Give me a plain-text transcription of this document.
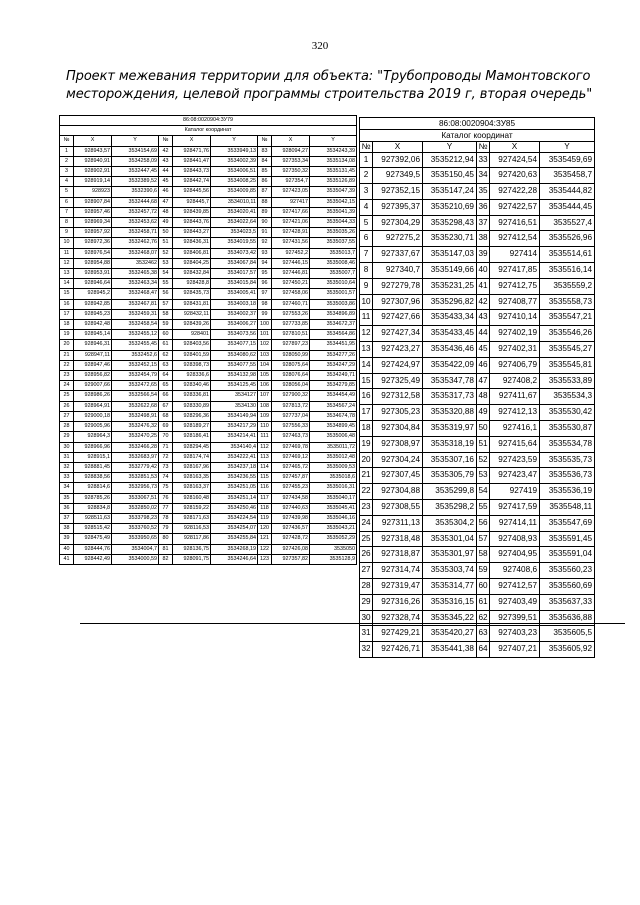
320
Проект межевания территории для объекта: "Трубопроводы Мамонтовского
месторождения, целевой программы строительства 2019 г, вторая очередь"
86:08:0020904:ЗУ79								
Каталог координат								
№	X	Y	№	X	Y	№	X	Y
1	928943,57	3534154,69	42	928471,76	3533949,13	83	928094,27	3534243,39
2	928940,91	3534258,09	43	928441,47	3534002,39	84	927353,34	3535134,08
3	928902,91	3532447,45	44	928443,73	3534006,51	85	927350,32	3535131,45
4	928919,14	3532389,52	45	928442,74	3534008,25	86	927354,7	3535126,89
5	928923	3532390,6	46	928445,56	3534009,85	87	927423,05	3535047,39
6	928907,84	3532444,68	47	928445,7	3534010,11	88	927417	3535042,15
7	928957,46	3532457,72	48	928439,85	3534020,41	89	927417,66	3535041,39
8	928969,34	3532453,62	49	928443,76	3534022,64	90	927421,06	3535044,33
9	928957,92	3532458,71	50	928443,27	3534023,5	91	927428,91	3535035,26
10	928972,36	3532462,76	51	928436,31	3534019,55	92	927431,56	3535037,55
11	928976,54	3532468,07	52	928406,81	3534073,42	93	927452,2	3535013,7
12	928954,88	3532462	53	928404,25	3534067,84	94	927446,15	3535008,46
13	928953,91	3532465,38	54	928432,84	3534017,57	95	927446,81	3535007,7
14	928946,64	3532463,34	55	928428,8	3534015,84	96	927450,21	3535010,64
15	928945,2	3532468,47	56	928435,73	3534005,41	97	927458,06	3535001,57
16	928942,85	3532467,81	57	928431,81	3534003,18	98	927460,71	3535003,86
17	928945,23	3532459,31	58	928432,11	3534002,37	99	927553,26	3534896,89
18	928942,48	3532458,54	59	928439,26	3534006,27	100	927733,85	3534672,37
19	928945,14	3532455,12	60	928401	3534073,56	101	927810,51	3534564,86
20	928946,31	3532455,45	61	928403,56	3534077,15	102	927897,23	3534451,95
21	928947,11	3532452,6	62	928401,59	3534080,62	103	928050,99	3534277,26
22	928947,46	3532452,15	63	928398,73	3534077,55	104	928075,64	3534247,29
23	928956,82	3532454,79	64	928336,6	3534132,98	105	928076,64	3534249,71
24	929007,66	3532472,65	65	928340,46	3534125,45	106	928056,04	3534279,85
25	928986,26	3532566,54	66	928336,81	3534127	107	927900,32	3534454,49
26	928964,91	3532622,68	67	928330,89	3534130	108	927813,72	3534567,24
27	929000,18	3532498,91	68	928296,36	3534149,94	109	927737,04	3534674,78
28	929005,96	3532476,32	69	928189,27	3534217,29	110	927556,33	3534899,45
29	928964,3	3532470,25	70	928186,41	3534214,41	111	927463,73	3535006,48
30	928966,96	3532466,28	71	928294,45	3534140,4	112	927469,78	3535011,72
31	928915,1	3532683,97	72	928174,74	3534222,41	113	927469,12	3535012,48
32	928881,45	3532779,42	73	928167,96	3534237,18	114	927465,72	3535009,53
33	928838,56	3532851,53	74	928163,35	3534236,55	115	927457,87	3535018,6
34	928814,6	3532956,73	75	928163,37	3534251,05	116	927455,23	3535016,31
35	928785,26	3533067,51	76	928160,48	3534251,14	117	927434,58	3535040,17
36	928834,8	3532850,02	77	928159,22	3534250,46	118	927440,63	3535045,41
37	928511,63	3533798,23	78	928171,63	3534224,54	119	927439,98	3535046,16
38	928515,42	3533760,52	79	928116,53	3534254,07	120	927436,57	3535043,21
39	928475,49	3533950,65	80	928117,86	3534255,84	121	927428,72	3535052,29
40	928444,76	3534004,7	81	928136,75	3534268,19	122	927426,08	3535050
41	928442,49	3534000,59	82	928091,75	3534246,64	123	927357,82	3535128,9
86:08:0020904:ЗУ85					
Каталог координат					
№	X	Y	№	X	Y
1	927392,06	3535212,94	33	927424,54	3535459,69
2	927349,5	3535150,45	34	927420,63	3535458,7
3	927352,15	3535147,24	35	927422,28	3535444,82
4	927395,37	3535210,69	36	927422,57	3535444,45
5	927304,29	3535298,43	37	927416,51	3535527,4
6	927275,2	3535230,71	38	927412,54	3535526,96
7	927337,67	3535147,03	39	927414	3535514,61
8	927340,7	3535149,66	40	927417,85	3535516,14
9	927279,78	3535231,25	41	927412,75	3535559,2
10	927307,96	3535296,82	42	927408,77	3535558,73
11	927427,66	3535433,34	43	927410,14	3535547,21
12	927427,34	3535433,45	44	927402,19	3535546,26
13	927423,27	3535436,46	45	927402,31	3535545,27
14	927424,97	3535422,09	46	927406,79	3535545,81
15	927325,49	3535347,78	47	927408,2	3535533,89
16	927312,58	3535317,73	48	927411,67	3535534,3
17	927305,23	3535320,88	49	927412,13	3535530,42
18	927304,84	3535319,97	50	927416,1	3535530,87
19	927308,97	3535318,19	51	927415,64	3535534,78
20	927304,24	3535307,16	52	927423,59	3535535,73
21	927307,45	3535305,79	53	927423,47	3535536,73
22	927304,88	3535299,8	54	927419	3535536,19
23	927308,55	3535298,2	55	927417,59	3535548,11
24	927311,13	3535304,2	56	927414,11	3535547,69
25	927318,48	3535301,04	57	927408,93	3535591,45
26	927318,87	3535301,97	58	927404,95	3535591,04
27	927314,74	3535303,74	59	927408,6	3535560,23
28	927319,47	3535314,77	60	927412,57	3535560,69
29	927316,26	3535316,15	61	927403,49	3535637,33
30	927328,74	3535345,22	62	927399,51	3535636,88
31	927429,21	3535420,27	63	927403,23	3535605,5
32	927426,71	3535441,38	64	927407,21	3535605,92
